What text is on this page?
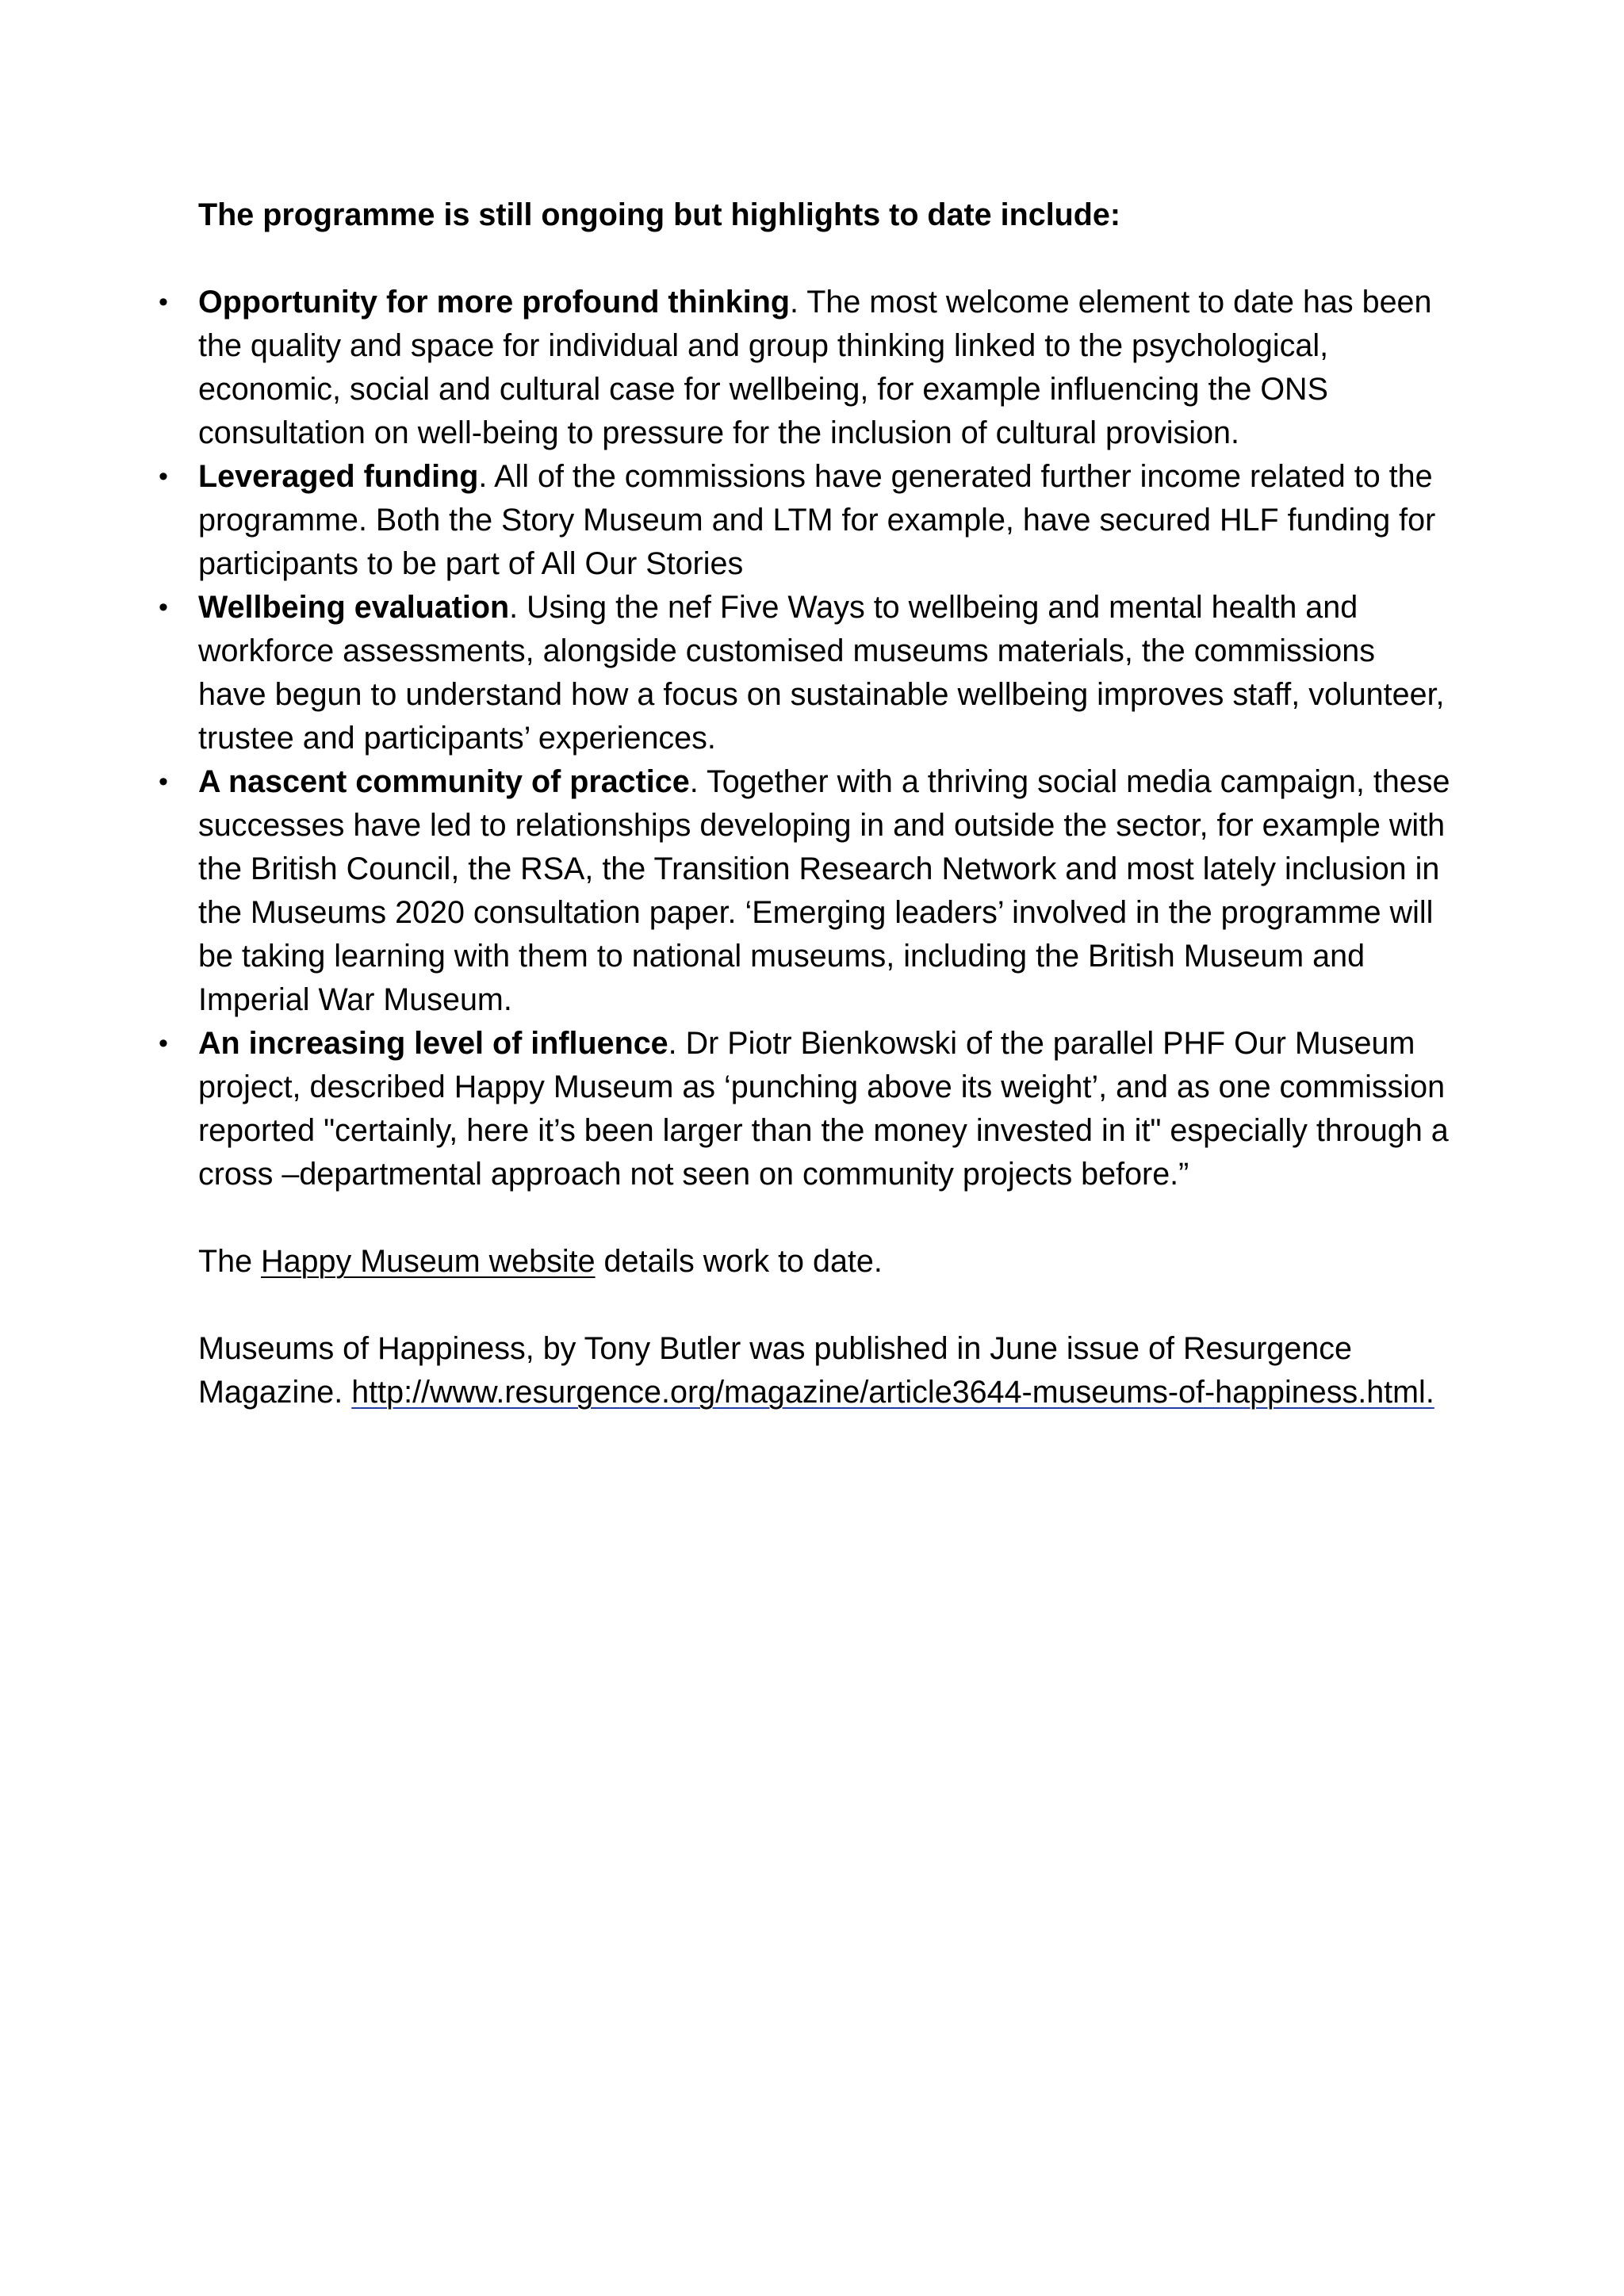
The programme is still ongoing but highlights to date include:

• Opportunity for more profound thinking. The most welcome element to date has been the quality and space for individual and group thinking linked to the psychological, economic, social and cultural case for wellbeing, for example influencing the ONS consultation on well-being to pressure for the inclusion of cultural provision.
• Leveraged funding. All of the commissions have generated further income related to the programme. Both the Story Museum and LTM for example, have secured HLF funding for participants to be part of All Our Stories
• Wellbeing evaluation. Using the nef Five Ways to wellbeing and mental health and workforce assessments, alongside customised museums materials, the commissions have begun to understand how a focus on sustainable wellbeing improves staff, volunteer, trustee and participants’ experiences.
• A nascent community of practice. Together with a thriving social media campaign, these successes have led to relationships developing in and outside the sector, for example with the British Council, the RSA, the Transition Research Network and most lately inclusion in the Museums 2020 consultation paper. ‘Emerging leaders’ involved in the programme will be taking learning with them to national museums, including the British Museum and Imperial War Museum.
• An increasing level of influence. Dr Piotr Bienkowski of the parallel PHF Our Museum project, described Happy Museum as ‘punching above its weight’, and as one commission reported "certainly, here it’s been larger than the money invested in it" especially through a cross –departmental approach not seen on community projects before.”

The Happy Museum website details work to date.

Museums of Happiness, by Tony Butler was published in June issue of Resurgence Magazine. http://www.resurgence.org/magazine/article3644-museums-of-happiness.html.
